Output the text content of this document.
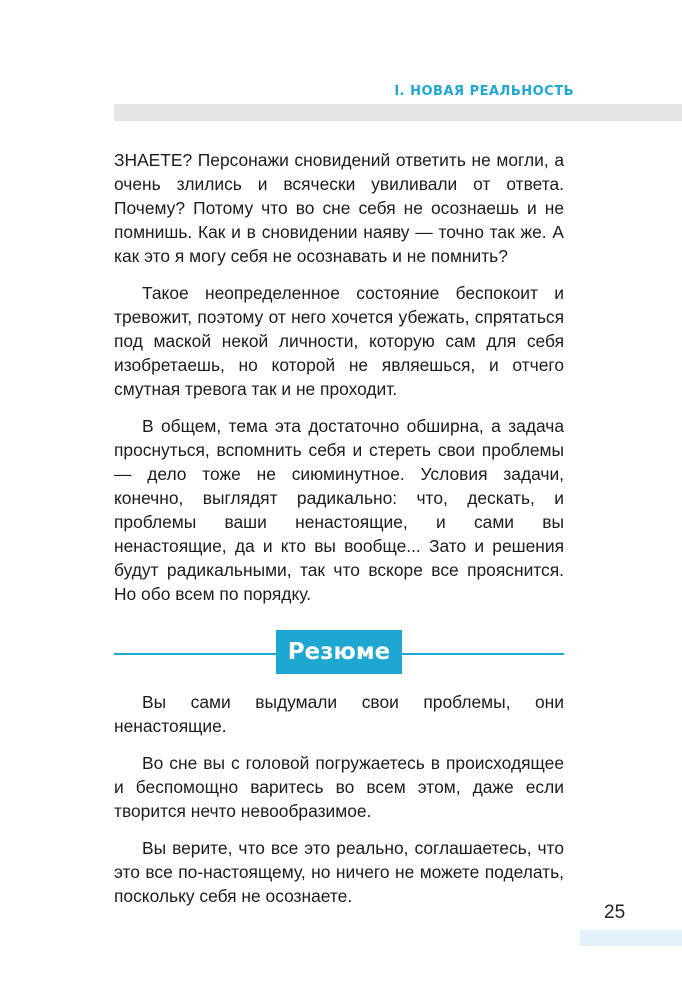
I. НОВАЯ РЕАЛЬНОСТЬ

ЗНАЕТЕ? Персонажи сновидений ответить не могли, а очень злились и всячески увиливали от ответа. Почему? Потому что во сне себя не осознаешь и не помнишь. Как и в сновидении наяву — точно так же. А как это я могу себя не осознавать и не помнить?

Такое неопределенное состояние беспокоит и тревожит, поэтому от него хочется убежать, спрятаться под маской некой личности, которую сам для себя изобретаешь, но которой не являешься, и отчего смутная тревога так и не проходит.

В общем, тема эта достаточно обширна, а задача проснуться, вспомнить себя и стереть свои проблемы — дело тоже не сиюминутное. Условия задачи, конечно, выглядят радикально: что, дескать, и проблемы ваши ненастоящие, и сами вы ненастоящие, да и кто вы вообще... Зато и решения будут радикальными, так что вскоре все прояснится. Но обо всем по порядку.

Резюме

Вы сами выдумали свои проблемы, они ненастоящие.

Во сне вы с головой погружаетесь в происходящее и беспомощно варитесь во всем этом, даже если творится нечто невообразимое.

Вы верите, что все это реально, соглашаетесь, что это все по-настоящему, но ничего не можете поделать, поскольку себя не осознаете.

25
